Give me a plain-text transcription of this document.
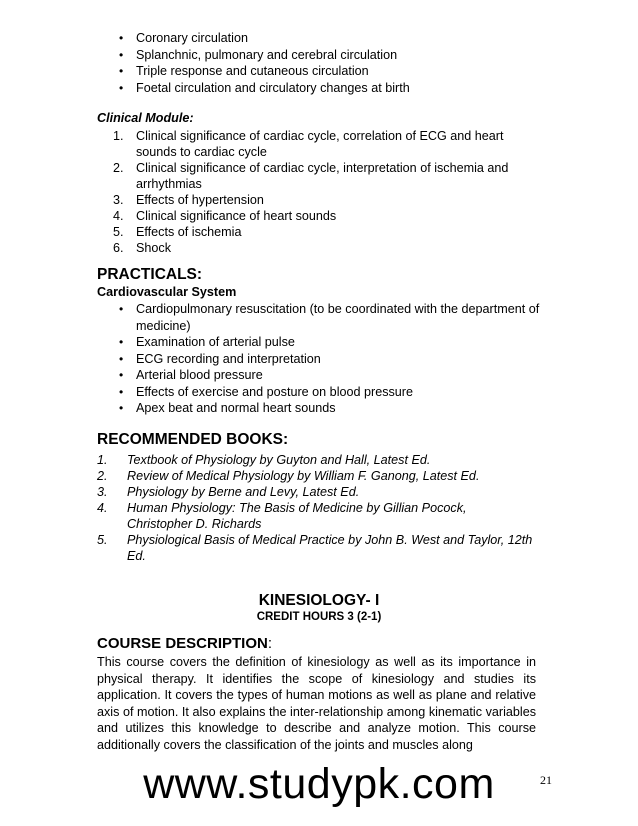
• Coronary circulation
• Splanchnic, pulmonary and cerebral circulation
• Triple response and cutaneous circulation
• Foetal circulation and circulatory changes at birth
Clinical Module:
1. Clinical significance of cardiac cycle, correlation of ECG and heart sounds to cardiac cycle
2. Clinical significance of cardiac cycle, interpretation of ischemia and arrhythmias
3. Effects of hypertension
4. Clinical significance of heart sounds
5. Effects of ischemia
6. Shock
PRACTICALS:
Cardiovascular System
• Cardiopulmonary resuscitation (to be coordinated with the department of medicine)
• Examination of arterial pulse
• ECG recording and interpretation
• Arterial blood pressure
• Effects of exercise and posture on blood pressure
• Apex beat and normal heart sounds
RECOMMENDED BOOKS:
1. Textbook of Physiology by Guyton and Hall, Latest Ed.
2. Review of Medical Physiology by William F. Ganong, Latest Ed.
3. Physiology by Berne and Levy, Latest Ed.
4. Human Physiology: The Basis of Medicine by Gillian Pocock, Christopher D. Richards
5. Physiological Basis of Medical Practice by John B. West and Taylor, 12th Ed.
KINESIOLOGY- I
CREDIT HOURS 3 (2-1)
COURSE DESCRIPTION:

This course covers the definition of kinesiology as well as its importance in physical therapy. It identifies the scope of kinesiology and studies its application. It covers the types of human motions as well as plane and relative axis of motion. It also explains the inter-relationship among kinematic variables and utilizes this knowledge to describe and analyze motion. This course additionally covers the classification of the joints and muscles along

21
www.studypk.com
